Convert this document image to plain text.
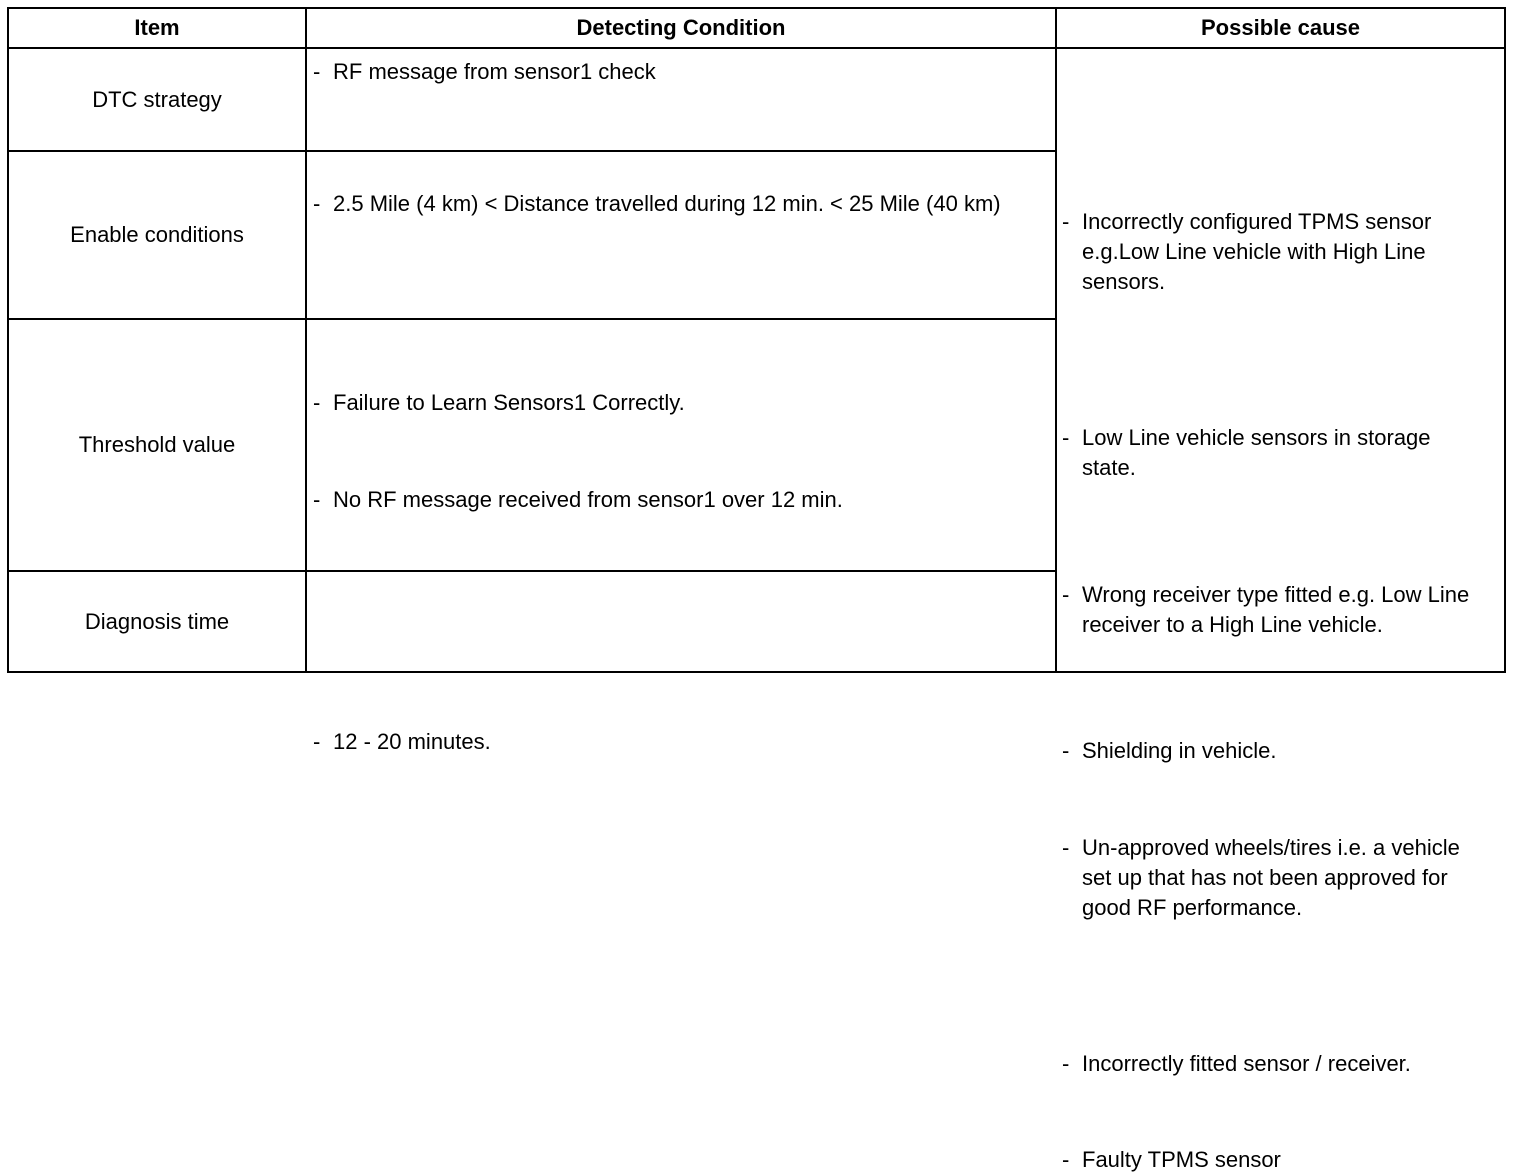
Item	Detecting Condition	Possible cause
DTC strategy
Enable conditions
Threshold value
Diagnosis time
- RF message from sensor1 check
- 2.5 Mile (4 km) < Distance travelled during 12 min. < 25 Mile (40 km)
- Failure to Learn Sensors1 Correctly.
- No RF message received from sensor1 over 12 min.
- 12 - 20 minutes.
- Incorrectly configured TPMS sensor e.g.Low Line vehicle with High Line sensors.
- Low Line vehicle sensors in storage state.
- Wrong receiver type fitted e.g. Low Line receiver to a High Line vehicle.
- Shielding in vehicle.
- Un-approved wheels/tires i.e. a vehicle set up that has not been approved for good RF performance.
- Incorrectly fitted sensor / receiver.
- Faulty TPMS sensor
